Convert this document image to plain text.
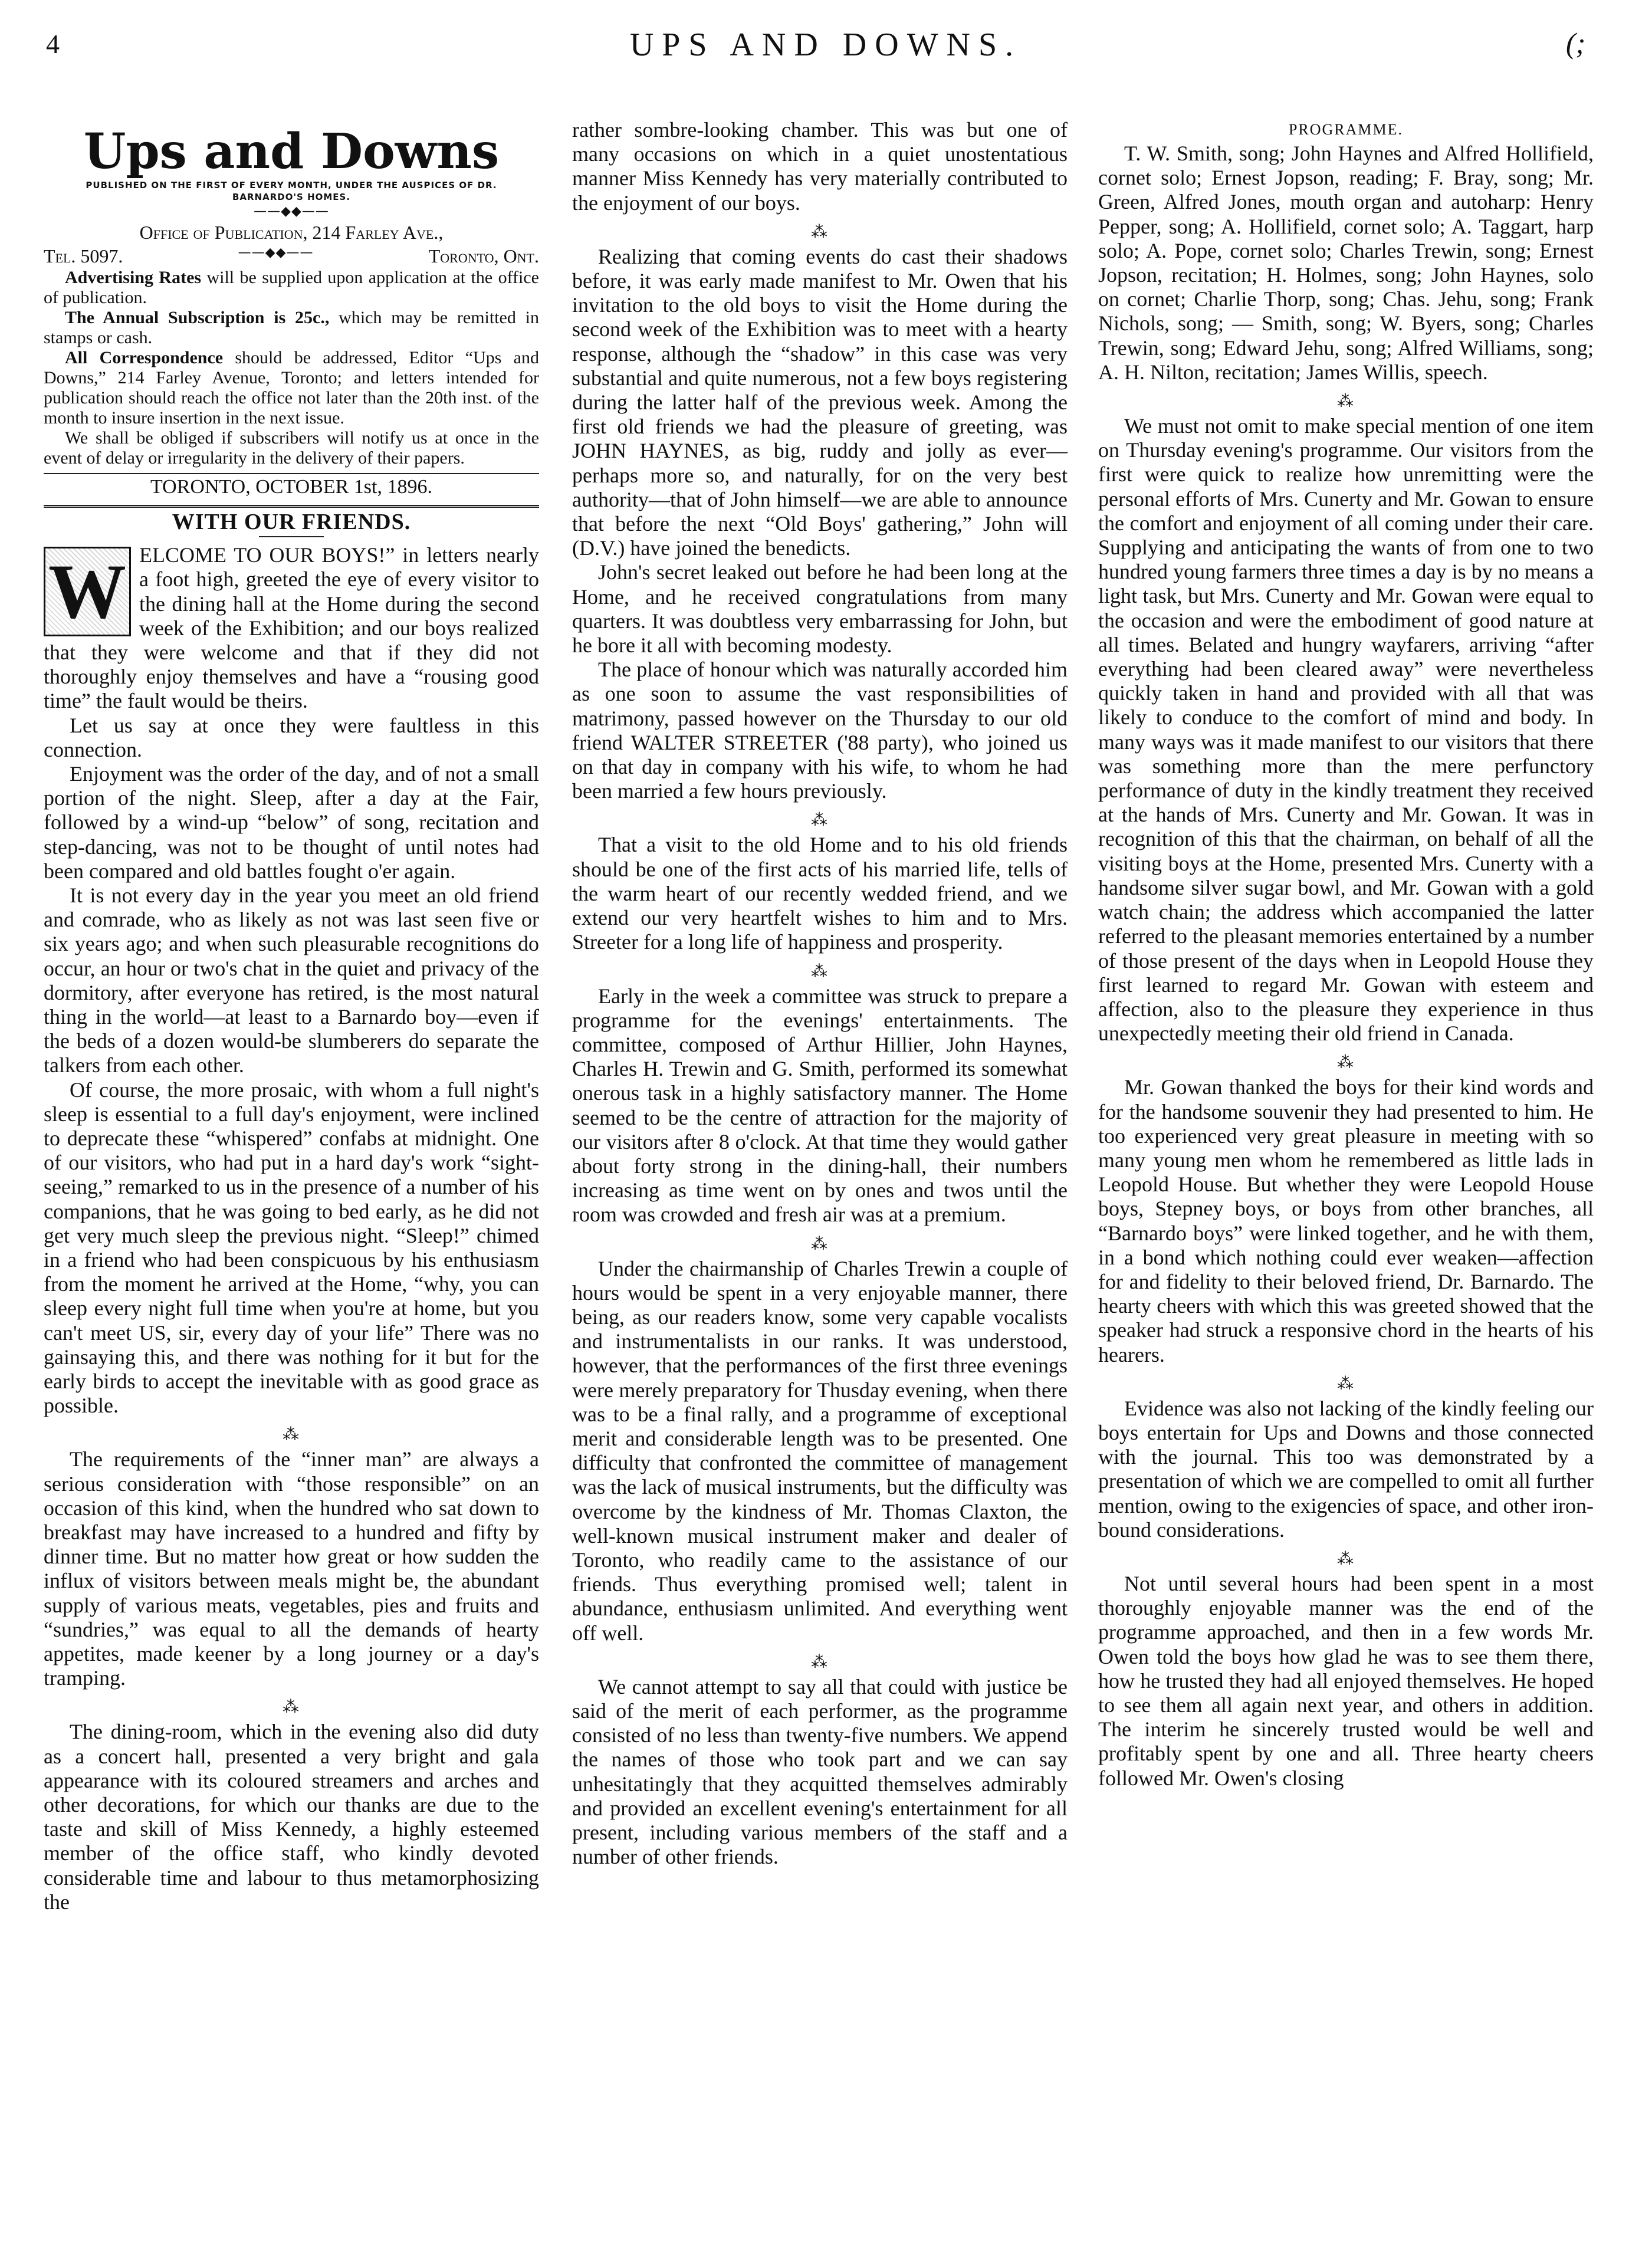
4	UPS AND DOWNS.	(;
Ups and Downs
PUBLISHED ON THE FIRST OF EVERY MONTH, UNDER THE AUSPICES OF DR.
BARNARDO'S HOMES.
——◆◆——
Office of Publication, 214 Farley Ave.,
Tel. 5097.	——◆◆——	Toronto, Ont.

Advertising Rates will be supplied upon application at the office of publication.

The Annual Subscription is 25c., which may be remitted in stamps or cash.

All Correspondence should be addressed, Editor “Ups and Downs,” 214 Farley Avenue, Toronto; and letters intended for publication should reach the office not later than the 20th inst. of the month to insure insertion in the next issue.

We shall be obliged if subscribers will notify us at once in the event of delay or irregularity in the delivery of their papers.

TORONTO, OCTOBER 1st, 1896.
WITH OUR FRIENDS.
W ELCOME TO OUR BOYS!” in letters nearly a foot high, greeted the eye of every visitor to the dining hall at the Home during the second week of the Exhibition; and our boys realized that they were welcome and that if they did not thoroughly enjoy themselves and have a “rousing good time” the fault would be theirs.

Let us say at once they were faultless in this connection.

Enjoyment was the order of the day, and of not a small portion of the night. Sleep, after a day at the Fair, followed by a wind-up “below” of song, recitation and step-dancing, was not to be thought of until notes had been compared and old battles fought o'er again.

It is not every day in the year you meet an old friend and comrade, who as likely as not was last seen five or six years ago; and when such pleasurable recognitions do occur, an hour or two's chat in the quiet and privacy of the dormitory, after everyone has retired, is the most natural thing in the world—at least to a Barnardo boy—even if the beds of a dozen would-be slumberers do separate the talkers from each other.

Of course, the more prosaic, with whom a full night's sleep is essential to a full day's enjoyment, were inclined to deprecate these “whispered” confabs at midnight. One of our visitors, who had put in a hard day's work “sight-seeing,” remarked to us in the presence of a number of his companions, that he was going to bed early, as he did not get very much sleep the previous night. “Sleep!” chimed in a friend who had been conspicuous by his enthusiasm from the moment he arrived at the Home, “why, you can sleep every night full time when you're at home, but you can't meet US, sir, every day of your life” There was no gainsaying this, and there was nothing for it but for the early birds to accept the inevitable with as good grace as possible.

⁂

The requirements of the “inner man” are always a serious consideration with “those responsible” on an occasion of this kind, when the hundred who sat down to breakfast may have increased to a hundred and fifty by dinner time. But no matter how great or how sudden the influx of visitors between meals might be, the abundant supply of various meats, vegetables, pies and fruits and “sundries,” was equal to all the demands of hearty appetites, made keener by a long journey or a day's tramping.

⁂

The dining-room, which in the evening also did duty as a concert hall, presented a very bright and gala appearance with its coloured streamers and arches and other decorations, for which our thanks are due to the taste and skill of Miss Kennedy, a highly esteemed member of the office staff, who kindly devoted considerable time and labour to thus metamorphosizing the

rather sombre-looking chamber. This was but one of many occasions on which in a quiet unostentatious manner Miss Kennedy has very materially contributed to the enjoyment of our boys.

⁂

Realizing that coming events do cast their shadows before, it was early made manifest to Mr. Owen that his invitation to the old boys to visit the Home during the second week of the Exhibition was to meet with a hearty response, although the “shadow” in this case was very substantial and quite numerous, not a few boys registering during the latter half of the previous week. Among the first old friends we had the pleasure of greeting, was JOHN HAYNES, as big, ruddy and jolly as ever—perhaps more so, and naturally, for on the very best authority—that of John himself—we are able to announce that before the next “Old Boys' gathering,” John will (D.V.) have joined the benedicts.

John's secret leaked out before he had been long at the Home, and he received congratulations from many quarters. It was doubtless very embarrassing for John, but he bore it all with becoming modesty.

The place of honour which was naturally accorded him as one soon to assume the vast responsibilities of matrimony, passed however on the Thursday to our old friend WALTER STREETER ('88 party), who joined us on that day in company with his wife, to whom he had been married a few hours previously.

⁂

That a visit to the old Home and to his old friends should be one of the first acts of his married life, tells of the warm heart of our recently wedded friend, and we extend our very heartfelt wishes to him and to Mrs. Streeter for a long life of happiness and prosperity.

⁂

Early in the week a committee was struck to prepare a programme for the evenings' entertainments. The committee, composed of Arthur Hillier, John Haynes, Charles H. Trewin and G. Smith, performed its somewhat onerous task in a highly satisfactory manner. The Home seemed to be the centre of attraction for the majority of our visitors after 8 o'clock. At that time they would gather about forty strong in the dining-hall, their numbers increasing as time went on by ones and twos until the room was crowded and fresh air was at a premium.

⁂

Under the chairmanship of Charles Trewin a couple of hours would be spent in a very enjoyable manner, there being, as our readers know, some very capable vocalists and instrumentalists in our ranks. It was understood, however, that the performances of the first three evenings were merely preparatory for Thusday evening, when there was to be a final rally, and a programme of exceptional merit and considerable length was to be presented. One difficulty that confronted the committee of management was the lack of musical instruments, but the difficulty was overcome by the kindness of Mr. Thomas Claxton, the well-known musical instrument maker and dealer of Toronto, who readily came to the assistance of our friends. Thus everything promised well; talent in abundance, enthusiasm unlimited. And everything went off well.

⁂

We cannot attempt to say all that could with justice be said of the merit of each performer, as the programme consisted of no less than twenty-five numbers. We append the names of those who took part and we can say unhesitatingly that they acquitted themselves admirably and provided an excellent evening's entertainment for all present, including various members of the staff and a number of other friends.

PROGRAMME.

T. W. Smith, song; John Haynes and Alfred Hollifield, cornet solo; Ernest Jopson, reading; F. Bray, song; Mr. Green, Alfred Jones, mouth organ and autoharp: Henry Pepper, song; A. Hollifield, cornet solo; A. Taggart, harp solo; A. Pope, cornet solo; Charles Trewin, song; Ernest Jopson, recitation; H. Holmes, song; John Haynes, solo on cornet; Charlie Thorp, song; Chas. Jehu, song; Frank Nichols, song; — Smith, song; W. Byers, song; Charles Trewin, song; Edward Jehu, song; Alfred Williams, song; A. H. Nilton, recitation; James Willis, speech.

⁂

We must not omit to make special mention of one item on Thursday evening's programme. Our visitors from the first were quick to realize how unremitting were the personal efforts of Mrs. Cunerty and Mr. Gowan to ensure the comfort and enjoyment of all coming under their care. Supplying and anticipating the wants of from one to two hundred young farmers three times a day is by no means a light task, but Mrs. Cunerty and Mr. Gowan were equal to the occasion and were the embodiment of good nature at all times. Belated and hungry wayfarers, arriving “after everything had been cleared away” were nevertheless quickly taken in hand and provided with all that was likely to conduce to the comfort of mind and body. In many ways was it made manifest to our visitors that there was something more than the mere perfunctory performance of duty in the kindly treatment they received at the hands of Mrs. Cunerty and Mr. Gowan. It was in recognition of this that the chairman, on behalf of all the visiting boys at the Home, presented Mrs. Cunerty with a handsome silver sugar bowl, and Mr. Gowan with a gold watch chain; the address which accompanied the latter referred to the pleasant memories entertained by a number of those present of the days when in Leopold House they first learned to regard Mr. Gowan with esteem and affection, also to the pleasure they experience in thus unexpectedly meeting their old friend in Canada.

⁂

Mr. Gowan thanked the boys for their kind words and for the handsome souvenir they had presented to him. He too experienced very great pleasure in meeting with so many young men whom he remembered as little lads in Leopold House. But whether they were Leopold House boys, Stepney boys, or boys from other branches, all “Barnardo boys” were linked together, and he with them, in a bond which nothing could ever weaken—affection for and fidelity to their beloved friend, Dr. Barnardo. The hearty cheers with which this was greeted showed that the speaker had struck a responsive chord in the hearts of his hearers.

⁂

Evidence was also not lacking of the kindly feeling our boys entertain for Ups and Downs and those connected with the journal. This too was demonstrated by a presentation of which we are compelled to omit all further mention, owing to the exigencies of space, and other iron-bound considerations.

⁂

Not until several hours had been spent in a most thoroughly enjoyable manner was the end of the programme approached, and then in a few words Mr. Owen told the boys how glad he was to see them there, how he trusted they had all enjoyed themselves. He hoped to see them all again next year, and others in addition. The interim he sincerely trusted would be well and profitably spent by one and all. Three hearty cheers followed Mr. Owen's closing
